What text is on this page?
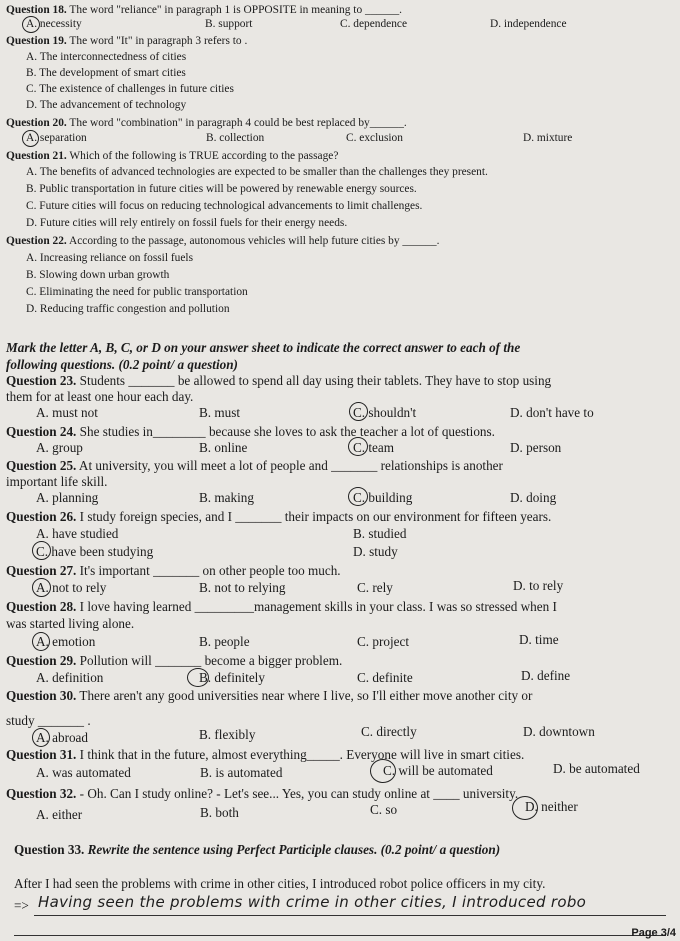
Question 18. The word "reliance" in paragraph 1 is OPPOSITE in meaning to ______.
A. necessity	B. support	C. dependence	D. independence
Question 19. The word "It" in paragraph 3 refers to .
A. The interconnectedness of cities
B. The development of smart cities
C. The existence of challenges in future cities
D. The advancement of technology
Question 20. The word "combination" in paragraph 4 could be best replaced by______.
A. separation	B. collection	C. exclusion	D. mixture
Question 21. Which of the following is TRUE according to the passage?
A. The benefits of advanced technologies are expected to be smaller than the challenges they present.
B. Public transportation in future cities will be powered by renewable energy sources.
C. Future cities will focus on reducing technological advancements to limit challenges.
D. Future cities will rely entirely on fossil fuels for their energy needs.
Question 22. According to the passage, autonomous vehicles will help future cities by ______.
A. Increasing reliance on fossil fuels
B. Slowing down urban growth
C. Eliminating the need for public transportation
D. Reducing traffic congestion and pollution
Mark the letter A, B, C, or D on your answer sheet to indicate the correct answer to each of the
following questions. (0.2 point/ a question)
Question 23. Students _______ be allowed to spend all day using their tablets. They have to stop using
them for at least one hour each day.
A. must not	B. must	C. shouldn't	D. don't have to
Question 24. She studies in________ because she loves to ask the teacher a lot of questions.
A. group	B. online	C. team	D. person
Question 25. At university, you will meet a lot of people and _______ relationships is another
important life skill.
A. planning	B. making	C. building	D. doing
Question 26. I study foreign species, and I _______ their impacts on our environment for fifteen years.
A. have studied	B. studied
C. have been studying	D. study
Question 27. It's important _______ on other people too much.
A. not to rely	B. not to relying	C. rely	D. to rely
Question 28. I love having learned _________management skills in your class. I was so stressed when I
was started living alone.
A. emotion	B. people	C. project	D. time
Question 29. Pollution will _______ become a bigger problem.
A. definition	B. definitely	C. definite	D. define
Question 30. There aren't any good universities near where I live, so I'll either move another city or
study _______ .
A. abroad	B. flexibly	C. directly	D. downtown
Question 31. I think that in the future, almost everything_____. Everyone will live in smart cities.
A. was automated	B. is automated	C. will be automated	D. be automated
Question 32. - Oh. Can I study online? - Let's see... Yes, you can study online at ____ university.
A. either	B. both	C. so	D. neither
Question 33. Rewrite the sentence using Perfect Participle clauses. (0.2 point/ a question)
After I had seen the problems with crime in other cities, I introduced robot police officers in my city.
=> Having seen the problems with crime in other cities, I introduced robo
Page 3/4
